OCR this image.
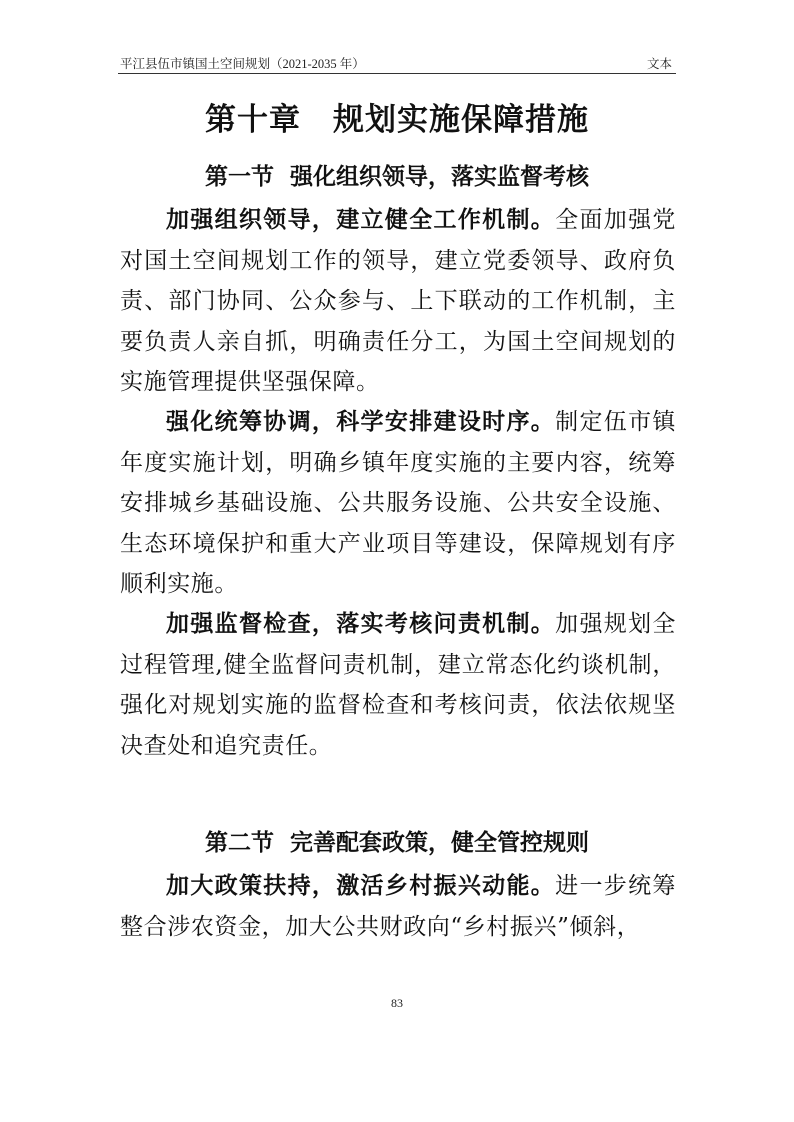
平江县伍市镇国土空间规划（2021-2035 年）	文本
第十章　规划实施保障措施
第一节  强化组织领导，落实监督考核

加强组织领导，建立健全工作机制。全面加强党对国土空间规划工作的领导，建立党委领导、政府负责、部门协同、公众参与、上下联动的工作机制，主要负责人亲自抓，明确责任分工，为国土空间规划的实施管理提供坚强保障。

强化统筹协调，科学安排建设时序。制定伍市镇年度实施计划，明确乡镇年度实施的主要内容，统筹安排城乡基础设施、公共服务设施、公共安全设施、生态环境保护和重大产业项目等建设，保障规划有序顺利实施。

加强监督检查，落实考核问责机制。加强规划全过程管理,健全监督问责机制，建立常态化约谈机制，强化对规划实施的监督检查和考核问责，依法依规坚决查处和追究责任。

第二节  完善配套政策，健全管控规则

加大政策扶持，激活乡村振兴动能。进一步统筹整合涉农资金，加大公共财政向“乡村振兴”倾斜，

83
